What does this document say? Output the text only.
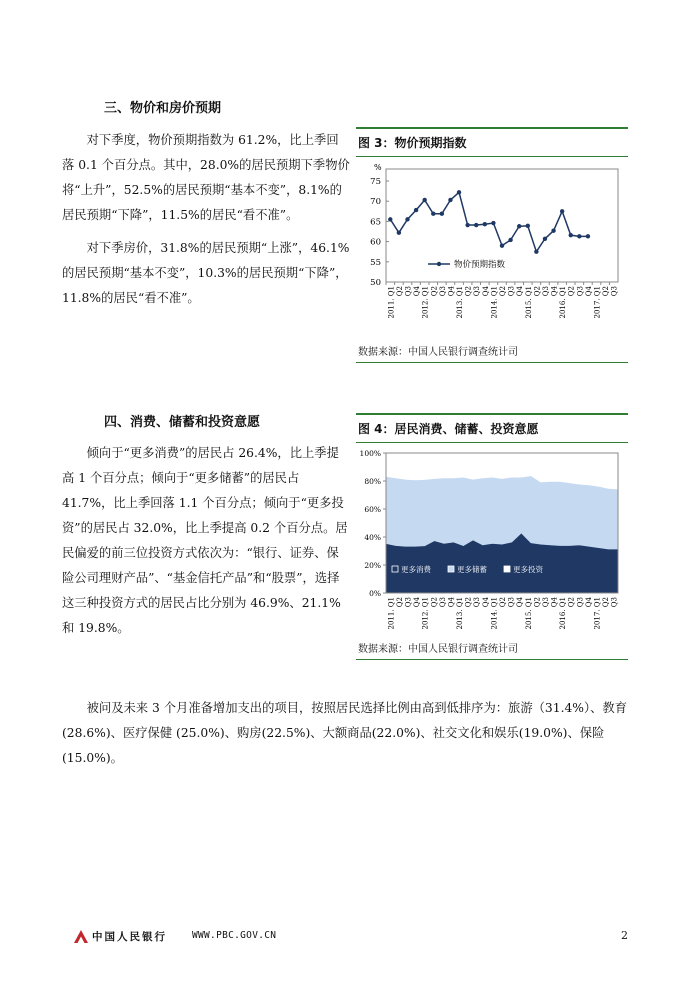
三、物价和房价预期

对下季度，物价预期指数为 61.2%，比上季回落 0.1 个百分点。其中，28.0%的居民预期下季物价将“上升”，52.5%的居民预期“基本不变”，8.1%的居民预期“下降”，11.5%的居民“看不准”。

对下季房价，31.8%的居民预期“上涨”，46.1%的居民预期“基本不变”，10.3%的居民预期“下降”，11.8%的居民“看不准”。

图 3：物价预期指数
%
50
55
60
65
70
75
2011. Q1 Q2 Q3 Q4 2012. Q1 Q2 Q3 Q4 2013. Q1 Q2 Q3 Q4 2014. Q1 Q2 Q3 Q4 2015. Q1 Q2 Q3 Q4 2016. Q1 Q2 Q3 Q4 2017. Q1 Q2 Q3
物价预期指数
数据来源：中国人民银行调查统计司
四、消费、储蓄和投资意愿

倾向于“更多消费”的居民占 26.4%，比上季提高 1 个百分点；倾向于“更多储蓄”的居民占 41.7%，比上季回落 1.1 个百分点；倾向于“更多投资”的居民占 32.0%，比上季提高 0.2 个百分点。居民偏爱的前三位投资方式依次为：“银行、证券、保险公司理财产品”、“基金信托产品”和“股票”，选择这三种投资方式的居民占比分别为 46.9%、21.1%和 19.8%。

图 4：居民消费、储蓄、投资意愿
0%
20%
40%
60%
80%
100%
2011. Q1 Q2 Q3 Q4 2012. Q1 Q2 Q3 Q4 2013. Q1 Q2 Q3 Q4 2014. Q1 Q2 Q3 Q4 2015. Q1 Q2 Q3 Q4 2016. Q1 Q2 Q3 Q4 2017. Q1 Q2 Q3
更多消费	更多储蓄	更多投资
数据来源：中国人民银行调查统计司

被问及未来 3 个月准备增加支出的项目，按照居民选择比例由高到低排序为：旅游（31.4%）、教育(28.6%)、医疗保健 (25.0%)、购房(22.5%)、大额商品(22.0%)、社交文化和娱乐(19.0%)、保险(15.0%)。

中国人民银行	WWW.PBC.GOV.CN	2
